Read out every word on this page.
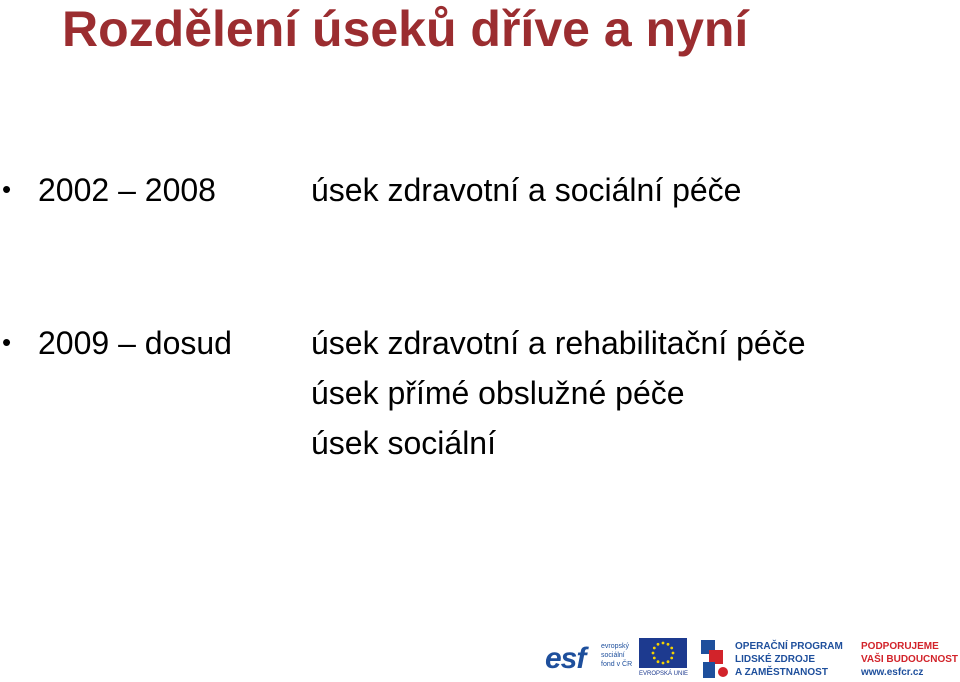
Rozdělení úseků dříve a nyní
• 2002 – 2008	úsek zdravotní a sociální péče
• 2009 – dosud úsek zdravotní a rehabilitační péče
úsek přímé obslužné péče
úsek sociální
esf evropský
sociální
fond v ČR
EVROPSKÁ UNIE
OPERAČNÍ PROGRAM
LIDSKÉ ZDROJE
A ZAMĚSTNANOST
PODPORUJEME
VAŠI BUDOUCNOST
www.esfcr.cz
